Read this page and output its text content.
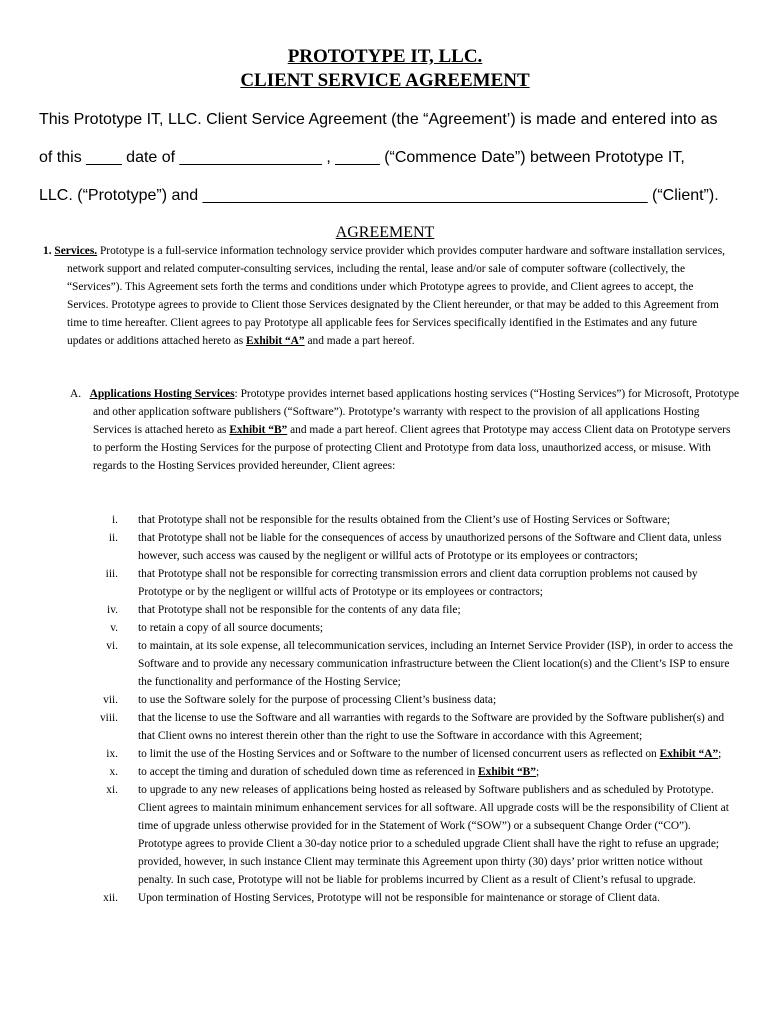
PROTOTYPE IT, LLC.
CLIENT SERVICE AGREEMENT
This Prototype IT, LLC. Client Service Agreement (the “Agreement’) is made and entered into as
of this ____ date of ________________ , _____ (“Commence Date”) between Prototype IT,
LLC. (“Prototype”) and __________________________________________________ (“Client”).
AGREEMENT

1. Services. Prototype is a full-service information technology service provider which provides computer hardware and software installation services, network support and related computer-consulting services, including the rental, lease and/or sale of computer software (collectively, the “Services”). This Agreement sets forth the terms and conditions under which Prototype agrees to provide, and Client agrees to accept, the Services. Prototype agrees to provide to Client those Services designated by the Client hereunder, or that may be added to this Agreement from time to time hereafter. Client agrees to pay Prototype all applicable fees for Services specifically identified in the Estimates and any future updates or additions attached hereto as Exhibit “A” and made a part hereof.

A. Applications Hosting Services: Prototype provides internet based applications hosting services (“Hosting Services”) for Microsoft, Prototype and other application software publishers (“Software”). Prototype’s warranty with respect to the provision of all applications Hosting Services is attached hereto as Exhibit “B” and made a part hereof. Client agrees that Prototype may access Client data on Prototype servers to perform the Hosting Services for the purpose of protecting Client and Prototype from data loss, unauthorized access, or misuse. With regards to the Hosting Services provided hereunder, Client agrees:

i. that Prototype shall not be responsible for the results obtained from the Client’s use of Hosting Services or Software;
ii. that Prototype shall not be liable for the consequences of access by unauthorized persons of the Software and Client data, unless however, such access was caused by the negligent or willful acts of Prototype or its employees or contractors;
iii. that Prototype shall not be responsible for correcting transmission errors and client data corruption problems not caused by Prototype or by the negligent or willful acts of Prototype or its employees or contractors;
iv. that Prototype shall not be responsible for the contents of any data file;
v. to retain a copy of all source documents;
vi. to maintain, at its sole expense, all telecommunication services, including an Internet Service Provider (ISP), in order to access the Software and to provide any necessary communication infrastructure between the Client location(s) and the Client’s ISP to ensure the functionality and performance of the Hosting Service;
vii. to use the Software solely for the purpose of processing Client’s business data;
viii. that the license to use the Software and all warranties with regards to the Software are provided by the Software publisher(s) and that Client owns no interest therein other than the right to use the Software in accordance with this Agreement;
ix. to limit the use of the Hosting Services and or Software to the number of licensed concurrent users as reflected on Exhibit “A”;
x. to accept the timing and duration of scheduled down time as referenced in Exhibit “B”;
xi. to upgrade to any new releases of applications being hosted as released by Software publishers and as scheduled by Prototype. Client agrees to maintain minimum enhancement services for all software. All upgrade costs will be the responsibility of Client at time of upgrade unless otherwise provided for in the Statement of Work (“SOW”) or a subsequent Change Order (“CO”). Prototype agrees to provide Client a 30-day notice prior to a scheduled upgrade Client shall have the right to refuse an upgrade; provided, however, in such instance Client may terminate this Agreement upon thirty (30) days’ prior written notice without penalty. In such case, Prototype will not be liable for problems incurred by Client as a result of Client’s refusal to upgrade.
xii. Upon termination of Hosting Services, Prototype will not be responsible for maintenance or storage of Client data.
